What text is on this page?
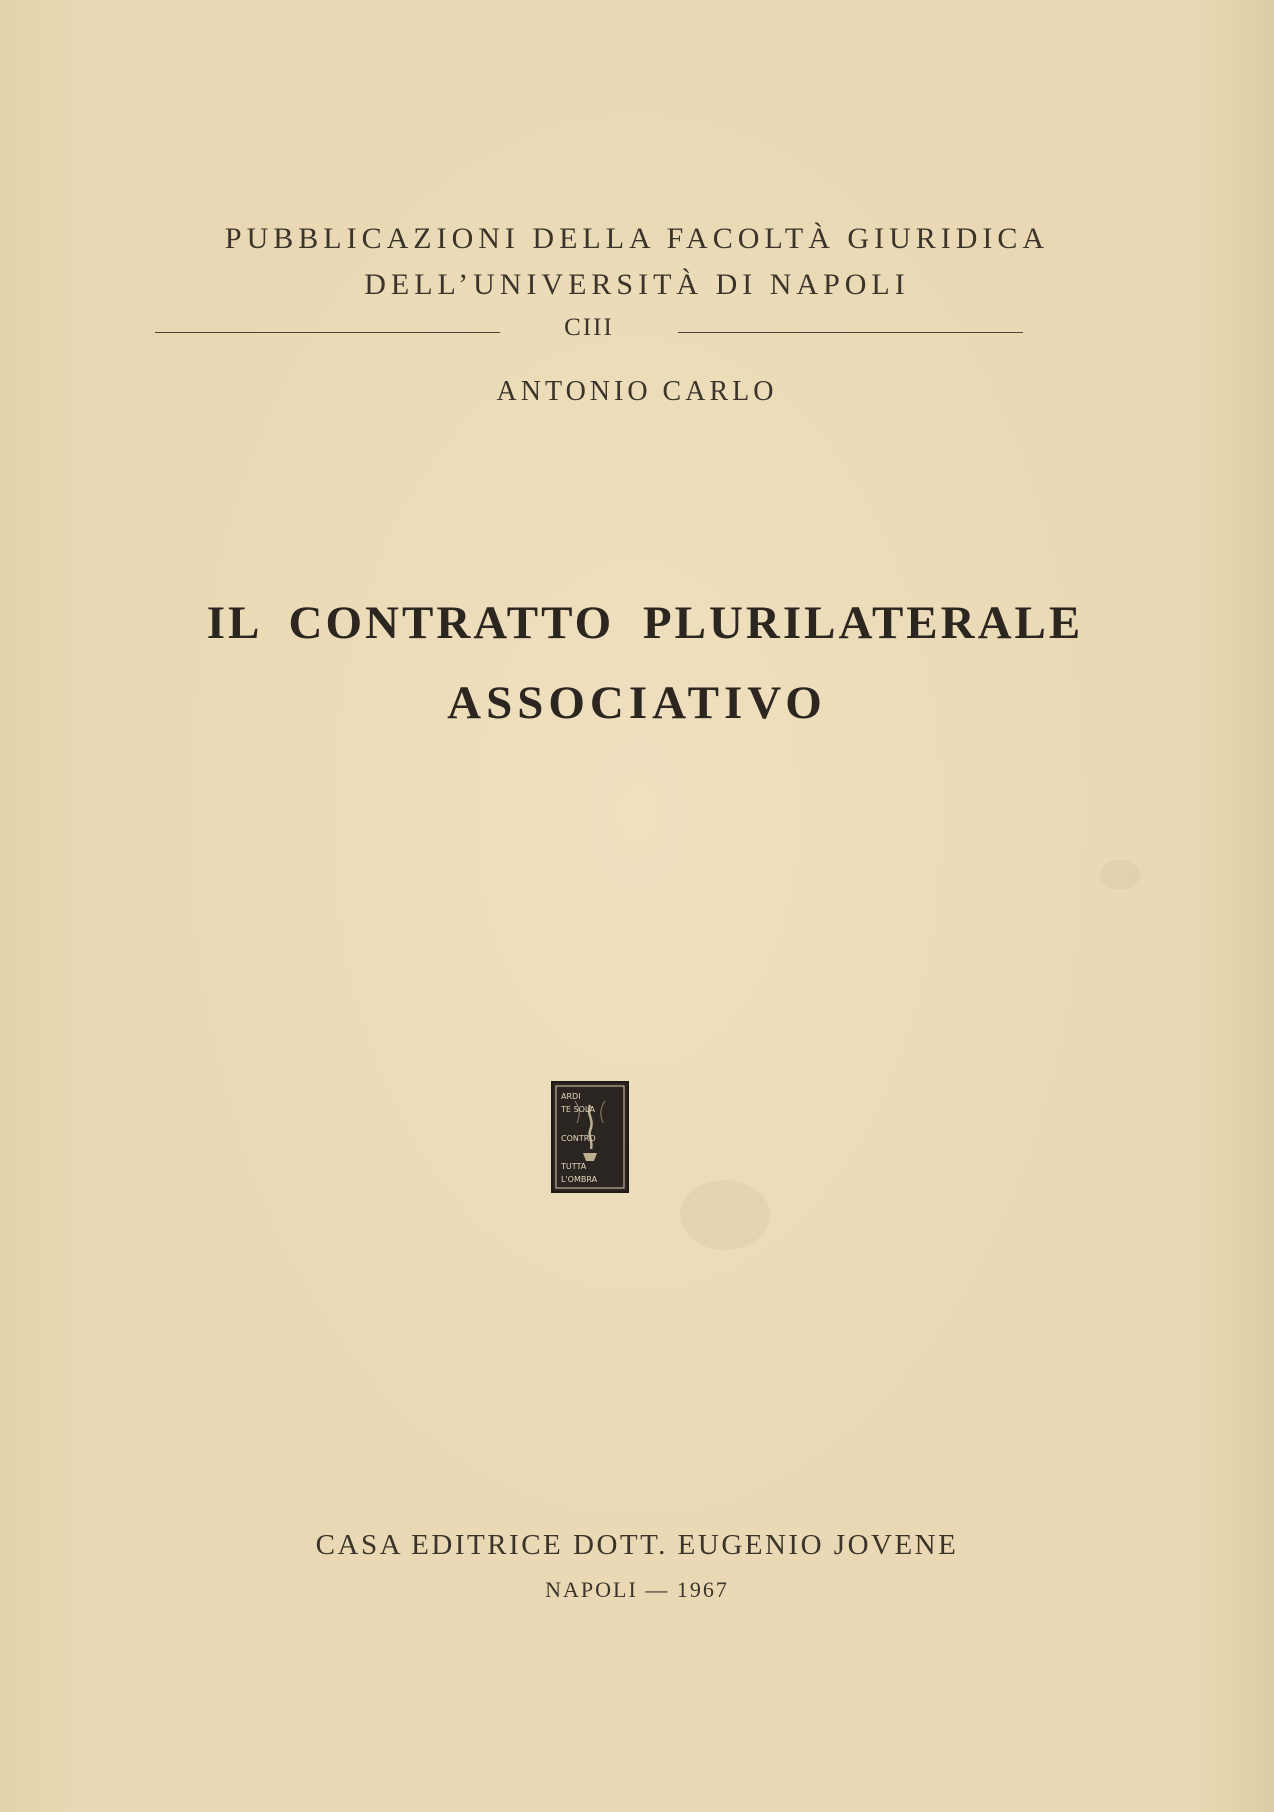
PUBBLICAZIONI DELLA FACOLTÀ GIURIDICA
DELL’UNIVERSITÀ DI NAPOLI
CIII
ANTONIO CARLO
IL CONTRATTO PLURILATERALE
ASSOCIATIVO
ARDI
TE SOLA
CONTRO
TUTTA
L'OMBRA
CASA EDITRICE DOTT. EUGENIO JOVENE
NAPOLI — 1967
